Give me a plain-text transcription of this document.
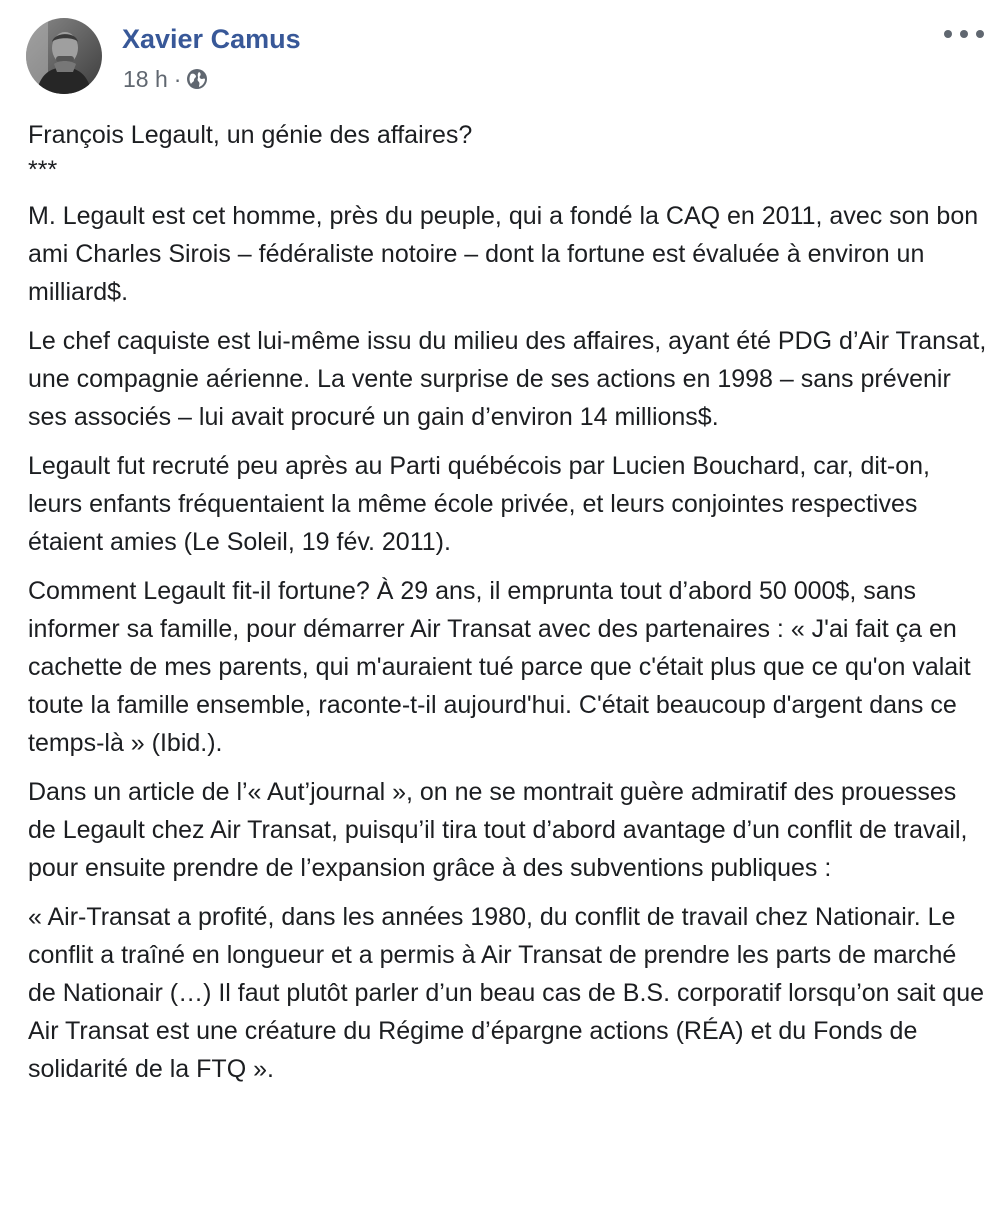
Xavier Camus
18 h ·

François Legault, un génie des affaires?

***

M. Legault est cet homme, près du peuple, qui a fondé la CAQ en 2011, avec son bon ami Charles Sirois – fédéraliste notoire – dont la fortune est évaluée à environ un milliard$.

Le chef caquiste est lui-même issu du milieu des affaires, ayant été PDG d’Air Transat, une compagnie aérienne. La vente surprise de ses actions en 1998 – sans prévenir ses associés – lui avait procuré un gain d’environ 14 millions$.

Legault fut recruté peu après au Parti québécois par Lucien Bouchard, car, dit-on, leurs enfants fréquentaient la même école privée, et leurs conjointes respectives étaient amies (Le Soleil, 19 fév. 2011).

Comment Legault fit-il fortune? À 29 ans, il emprunta tout d’abord 50 000$, sans informer sa famille, pour démarrer Air Transat avec des partenaires : « J'ai fait ça en cachette de mes parents, qui m'auraient tué parce que c'était plus que ce qu'on valait toute la famille ensemble, raconte-t-il aujourd'hui. C'était beaucoup d'argent dans ce temps-là » (Ibid.).

Dans un article de l’« Aut’journal », on ne se montrait guère admiratif des prouesses de Legault chez Air Transat, puisqu’il tira tout d’abord avantage d’un conflit de travail, pour ensuite prendre de l’expansion grâce à des subventions publiques :

« Air-Transat a profité, dans les années 1980, du conflit de travail chez Nationair. Le conflit a traîné en longueur et a permis à Air Transat de prendre les parts de marché de Nationair (…) Il faut plutôt parler d’un beau cas de B.S. corporatif lorsqu’on sait que Air Transat est une créature du Régime d’épargne actions (RÉA) et du Fonds de solidarité de la FTQ ».
